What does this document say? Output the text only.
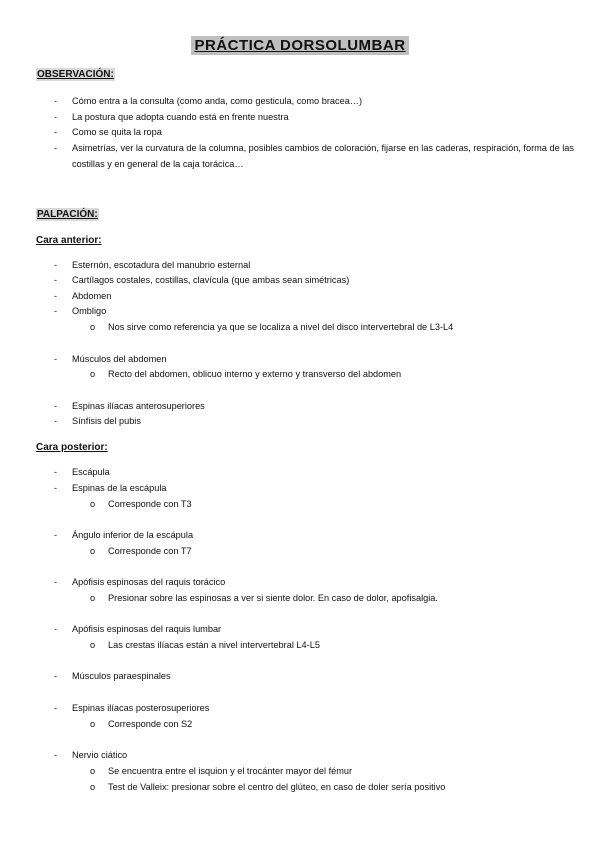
PRÁCTICA DORSOLUMBAR
OBSERVACIÓN:
- Cómo entra a la consulta (como anda, como gesticula, como bracea…)
- La postura que adopta cuando está en frente nuestra
- Como se quita la ropa
- Asimetrías, ver la curvatura de la columna, posibles cambios de coloración, fijarse en las caderas, respiración, forma de las costillas y en general de la caja torácica…
PALPACIÓN:
Cara anterior:
- Esternón, escotadura del manubrio esternal
- Cartílagos costales, costillas, clavícula (que ambas sean simétricas)
- Abdomen
- Ombligo
o Nos sirve como referencia ya que se localiza a nivel del disco intervertebral de L3-L4
- Músculos del abdomen
o Recto del abdomen, oblicuo interno y externo y transverso del abdomen
- Espinas ilíacas anterosuperiores
- Sínfisis del pubis
Cara posterior:
- Escápula
- Espinas de la escápula
o Corresponde con T3
- Ángulo inferior de la escápula
o Corresponde con T7
- Apófisis espinosas del raquis torácico
o Presionar sobre las espinosas a ver si siente dolor. En caso de dolor, apofisalgia.
- Apófisis espinosas del raquis lumbar
o Las crestas ilíacas están a nivel intervertebral L4-L5
- Músculos paraespinales
- Espinas ilíacas posterosuperiores
o Corresponde con S2
- Nervio ciático
o Se encuentra entre el isquion y el trocánter mayor del fémur
o Test de Valleix: presionar sobre el centro del glúteo, en caso de doler sería positivo
